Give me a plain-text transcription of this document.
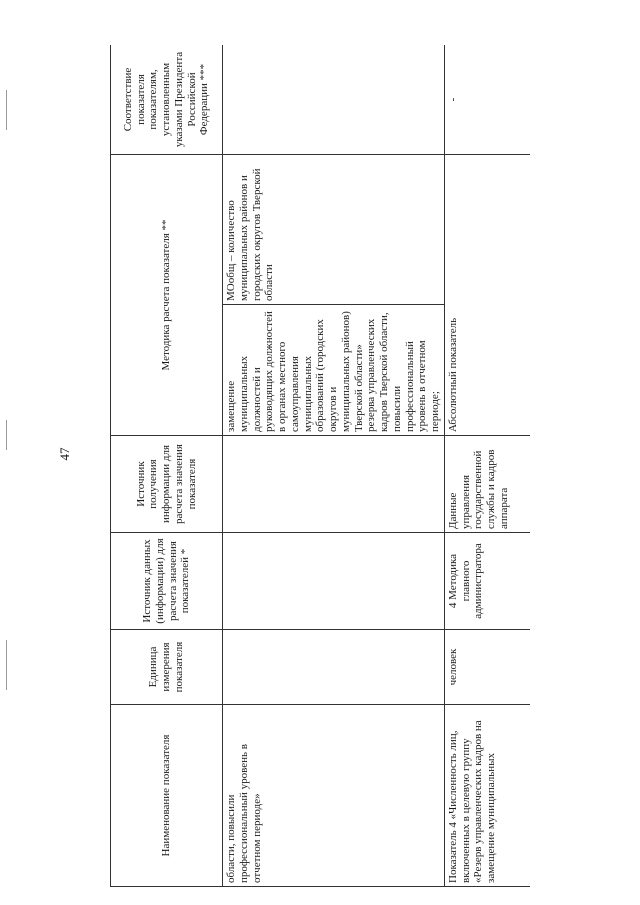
47
Наименование показателя	Единица измерения показателя	Источник данных (информации) для расчета значения показателей *	Источник получения информации для расчета значения показателя	Методика расчета показателя **		Соответствие показателя показателям, установленным указами Президента Российской Федерации ***
области, повысили профессиональный уровень в отчетном периоде»				замещение муниципальных должностей и руководящих должностей в органах местного самоуправления муниципальных образований (городских округов и муниципальных районов) Тверской области» резерва управленческих кадров Тверской области, повысили профессиональный уровень в отчетном периоде;	МОобщ – количество муниципальных районов и городских округов Тверской области	
Показатель 4 «Численность лиц, включенных в целевую группу «Резерв управленческих кадров на замещение муниципальных	человек	4 Методика главного администратора	Данные управления государственной службы и кадров аппарата	Абсолютный показатель		-
